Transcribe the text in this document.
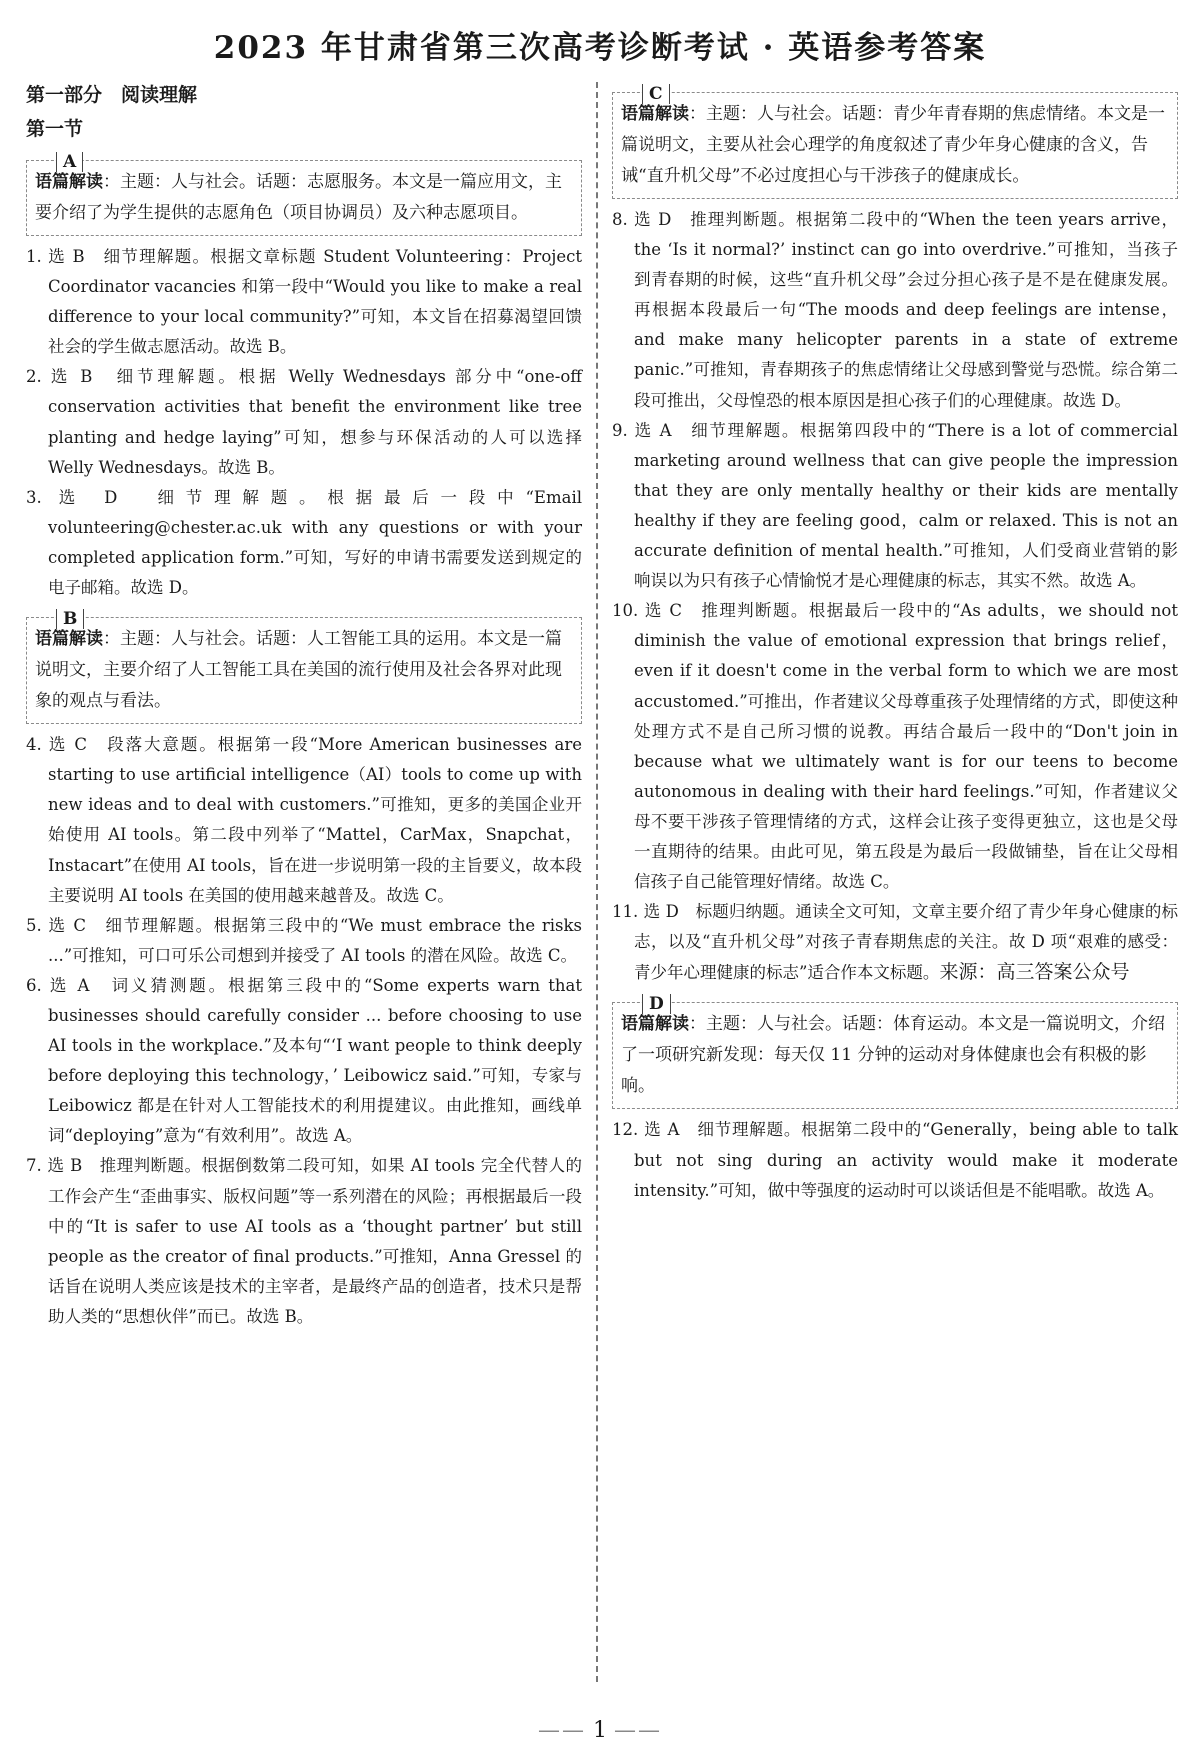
2023 年甘肃省第三次高考诊断考试 · 英语参考答案
第一部分　阅读理解
第一节
A
语篇解读：主题：人与社会。话题：志愿服务。本文是一篇应用文，主要介绍了为学生提供的志愿角色（项目协调员）及六种志愿项目。

1. 选 B　细节理解题。根据文章标题 Student Volunteering：Project Coordinator vacancies 和第一段中“Would you like to make a real difference to your local community?”可知，本文旨在招募渴望回馈社会的学生做志愿活动。故选 B。

2. 选 B　细节理解题。根据 Welly Wednesdays 部分中“one-off conservation activities that benefit the environment like tree planting and hedge laying”可知，想参与环保活动的人可以选择 Welly Wednesdays。故选 B。

3. 选 D　细节理解题。根据最后一段中“Email volunteering@chester.ac.uk with any questions or with your completed application form.”可知，写好的申请书需要发送到规定的电子邮箱。故选 D。

B
语篇解读：主题：人与社会。话题：人工智能工具的运用。本文是一篇说明文，主要介绍了人工智能工具在美国的流行使用及社会各界对此现象的观点与看法。

4. 选 C　段落大意题。根据第一段“More American businesses are starting to use artificial intelligence（AI）tools to come up with new ideas and to deal with customers.”可推知，更多的美国企业开始使用 AI tools。第二段中列举了“Mattel，CarMax，Snapchat，Instacart”在使用 AI tools，旨在进一步说明第一段的主旨要义，故本段主要说明 AI tools 在美国的使用越来越普及。故选 C。

5. 选 C　细节理解题。根据第三段中的“We must embrace the risks ...”可推知，可口可乐公司想到并接受了 AI tools 的潜在风险。故选 C。

6. 选 A　词义猜测题。根据第三段中的“Some experts warn that businesses should carefully consider ... before choosing to use AI tools in the workplace.”及本句“‘I want people to think deeply before deploying this technology，’ Leibowicz said.”可知，专家与 Leibowicz 都是在针对人工智能技术的利用提建议。由此推知，画线单词“deploying”意为“有效利用”。故选 A。

7. 选 B　推理判断题。根据倒数第二段可知，如果 AI tools 完全代替人的工作会产生“歪曲事实、版权问题”等一系列潜在的风险；再根据最后一段中的“It is safer to use AI tools as a ‘thought partner’ but still people as the creator of final products.”可推知，Anna Gressel 的话旨在说明人类应该是技术的主宰者，是最终产品的创造者，技术只是帮助人类的“思想伙伴”而已。故选 B。

C
语篇解读：主题：人与社会。话题：青少年青春期的焦虑情绪。本文是一篇说明文，主要从社会心理学的角度叙述了青少年身心健康的含义，告诫“直升机父母”不必过度担心与干涉孩子的健康成长。

8. 选 D　推理判断题。根据第二段中的“When the teen years arrive，the ‘Is it normal?’ instinct can go into overdrive.”可推知，当孩子到青春期的时候，这些“直升机父母”会过分担心孩子是不是在健康发展。再根据本段最后一句“The moods and deep feelings are intense，and make many helicopter parents in a state of extreme panic.”可推知，青春期孩子的焦虑情绪让父母感到警觉与恐慌。综合第二段可推出，父母惶恐的根本原因是担心孩子们的心理健康。故选 D。

9. 选 A　细节理解题。根据第四段中的“There is a lot of commercial marketing around wellness that can give people the impression that they are only mentally healthy or their kids are mentally healthy if they are feeling good，calm or relaxed. This is not an accurate definition of mental health.”可推知，人们受商业营销的影响误以为只有孩子心情愉悦才是心理健康的标志，其实不然。故选 A。

10. 选 C　推理判断题。根据最后一段中的“As adults，we should not diminish the value of emotional expression that brings relief，even if it doesn't come in the verbal form to which we are most accustomed.”可推出，作者建议父母尊重孩子处理情绪的方式，即使这种处理方式不是自己所习惯的说教。再结合最后一段中的“Don't join in because what we ultimately want is for our teens to become autonomous in dealing with their hard feelings.”可知，作者建议父母不要干涉孩子管理情绪的方式，这样会让孩子变得更独立，这也是父母一直期待的结果。由此可见，第五段是为最后一段做铺垫，旨在让父母相信孩子自己能管理好情绪。故选 C。

11. 选 D　标题归纳题。通读全文可知，文章主要介绍了青少年身心健康的标志，以及“直升机父母”对孩子青春期焦虑的关注。故 D 项“艰难的感受：青少年心理健康的标志”适合作本文标题。来源：高三答案公众号

D
语篇解读：主题：人与社会。话题：体育运动。本文是一篇说明文，介绍了一项研究新发现：每天仅 11 分钟的运动对身体健康也会有积极的影响。

12. 选 A　细节理解题。根据第二段中的“Generally，being able to talk but not sing during an activity would make it moderate intensity.”可知，做中等强度的运动时可以谈话但是不能唱歌。故选 A。

—— 1 ——
